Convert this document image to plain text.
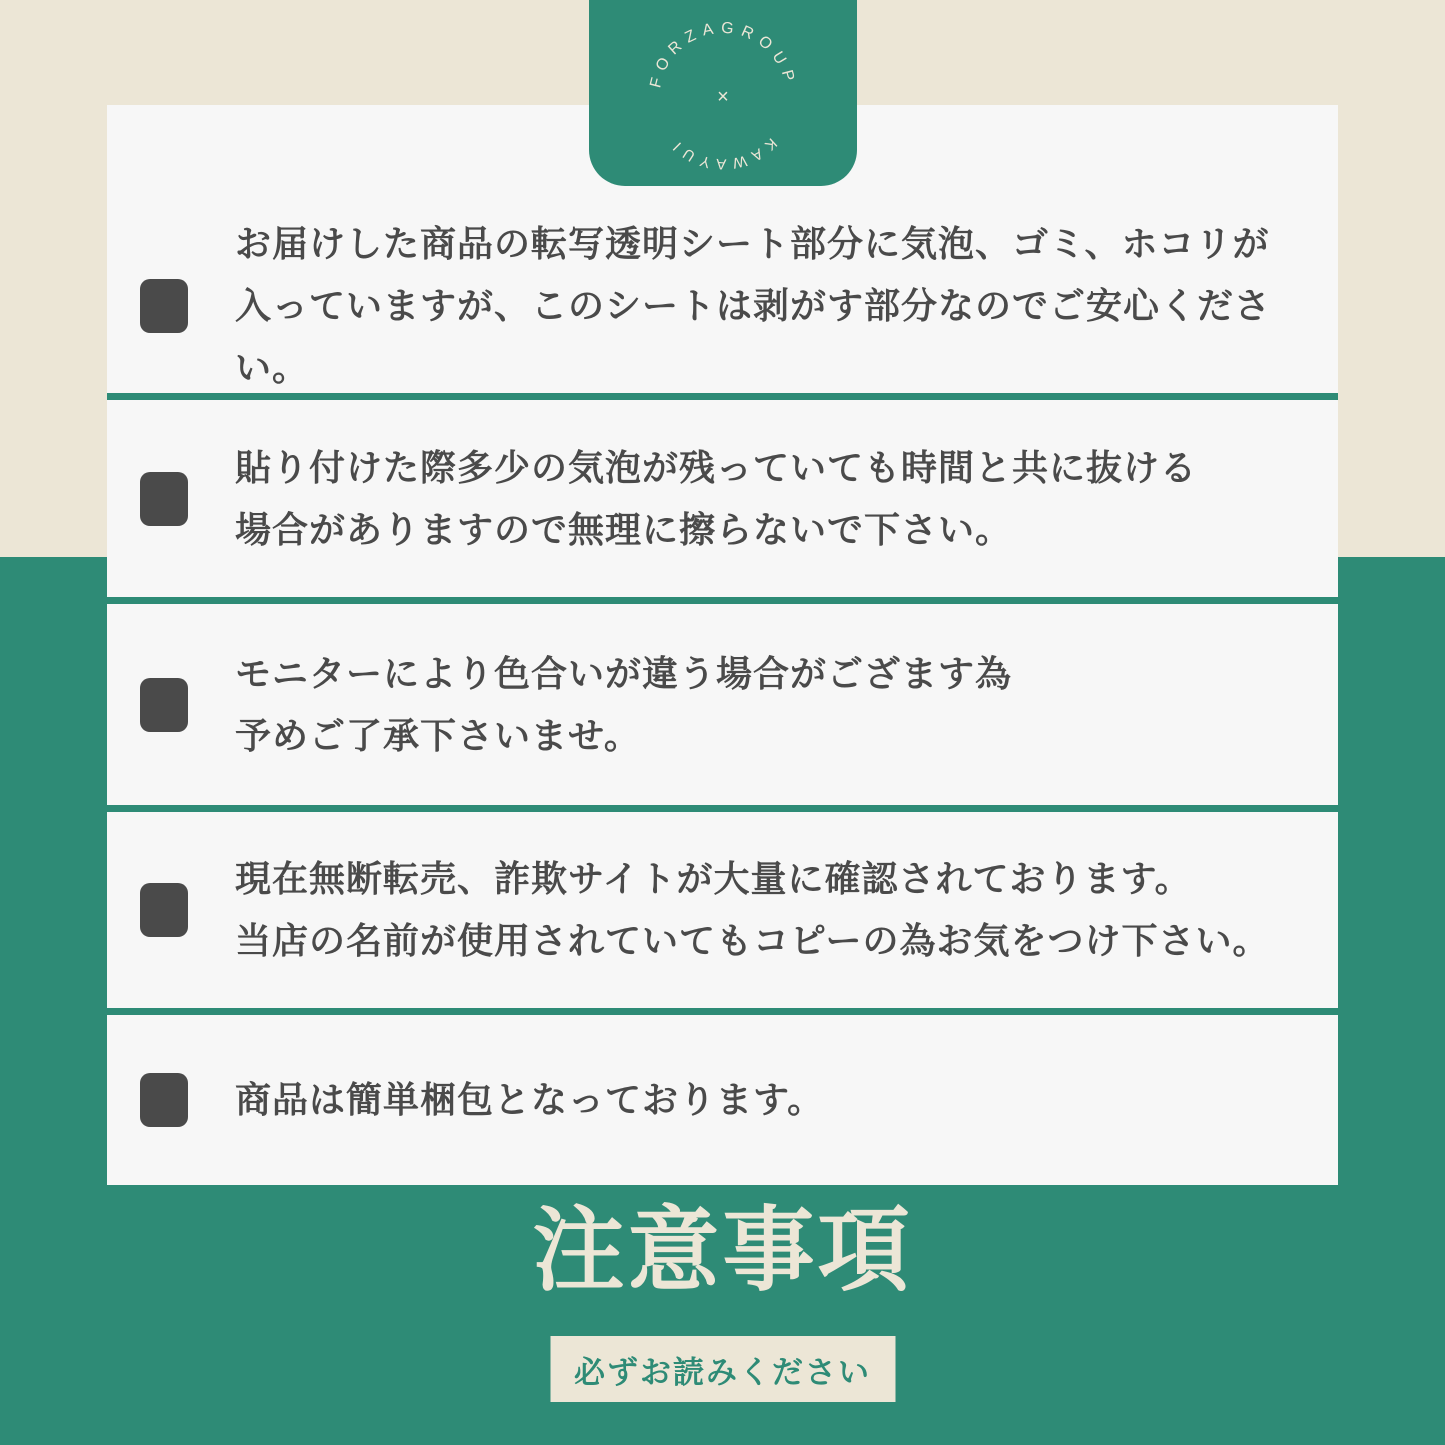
FORZAGROUP
KAWAYUI
×
お届けした商品の転写透明シート部分に気泡、ゴミ、ホコリが
入っていますが、このシートは剥がす部分なのでご安心ください。
貼り付けた際多少の気泡が残っていても時間と共に抜ける
場合がありますので無理に擦らないで下さい。
モニターにより色合いが違う場合がござます為
予めご了承下さいませ。
現在無断転売、詐欺サイトが大量に確認されております。
当店の名前が使用されていてもコピーの為お気をつけ下さい。
商品は簡単梱包となっております。
注意事項
必ずお読みください
